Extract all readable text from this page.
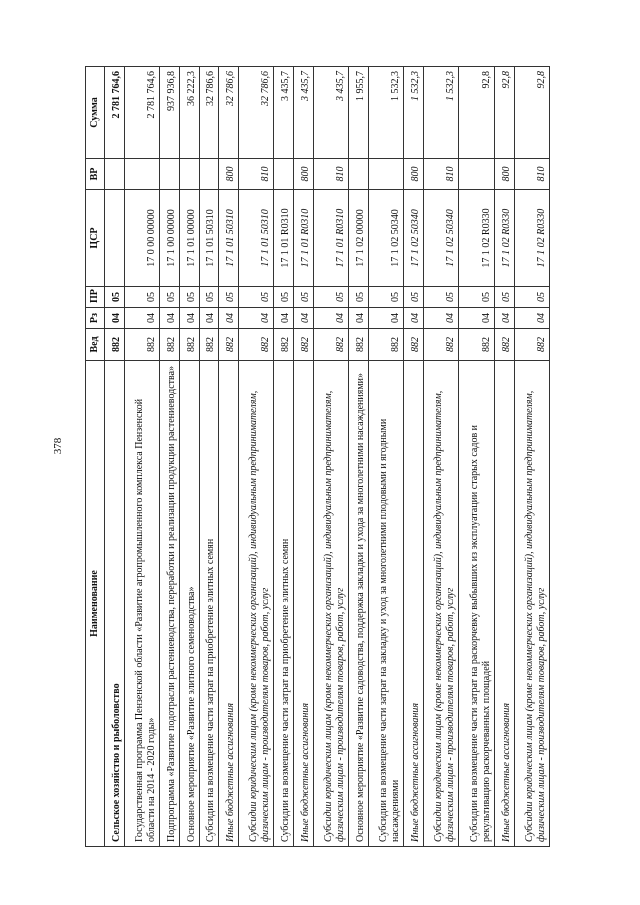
378
Наименование	Вед	Рз	ПР	ЦСР	ВР	Сумма
Сельское хозяйство и рыболовство	882	04	05			2 781 764,6
Государственная программа Пензенской области «Развитие агропромышленного комплекса Пензенской области на 2014 - 2020 годы»	882	04	05	17 0 00 00000		2 781 764,6
Подпрограмма «Развитие подотрасли растениеводства, переработки и реализации продукции растениеводства»	882	04	05	17 1 00 00000		937 936,8
Основное мероприятие «Развитие элитного семеноводства»	882	04	05	17 1 01 00000		36 222,3
Субсидии на возмещение части затрат на приобретение элитных семян	882	04	05	17 1 01 50310		32 786,6
Иные бюджетные ассигнования	882	04	05	17 1 01 50310	800	32 786,6
Субсидии юридическим лицам (кроме некоммерческих организаций), индивидуальным предпринимателям, физическим лицам - производителям товаров, работ, услуг	882	04	05	17 1 01 50310	810	32 786,6
Субсидии на возмещение части затрат на приобретение элитных семян	882	04	05	17 1 01 R0310		3 435,7
Иные бюджетные ассигнования	882	04	05	17 1 01 R0310	800	3 435,7
Субсидии юридическим лицам (кроме некоммерческих организаций), индивидуальным предпринимателям, физическим лицам - производителям товаров, работ, услуг	882	04	05	17 1 01 R0310	810	3 435,7
Основное мероприятие «Развитие садоводства, поддержка закладки и ухода за многолетними насаждениями»	882	04	05	17 1 02 00000		1 955,7
Субсидии на возмещение части затрат на закладку и уход за многолетними плодовыми и ягодными насаждениями	882	04	05	17 1 02 50340		1 532,3
Иные бюджетные ассигнования	882	04	05	17 1 02 50340	800	1 532,3
Субсидии юридическим лицам (кроме некоммерческих организаций), индивидуальным предпринимателям, физическим лицам - производителям товаров, работ, услуг	882	04	05	17 1 02 50340	810	1 532,3
Субсидии на возмещение части затрат на раскорчевку выбывших из эксплуатации старых садов и рекультивацию раскорчеванных площадей	882	04	05	17 1 02 R0330		92,8
Иные бюджетные ассигнования	882	04	05	17 1 02 R0330	800	92,8
Субсидии юридическим лицам (кроме некоммерческих организаций), индивидуальным предпринимателям, физическим лицам - производителям товаров, работ, услуг	882	04	05	17 1 02 R0330	810	92,8
